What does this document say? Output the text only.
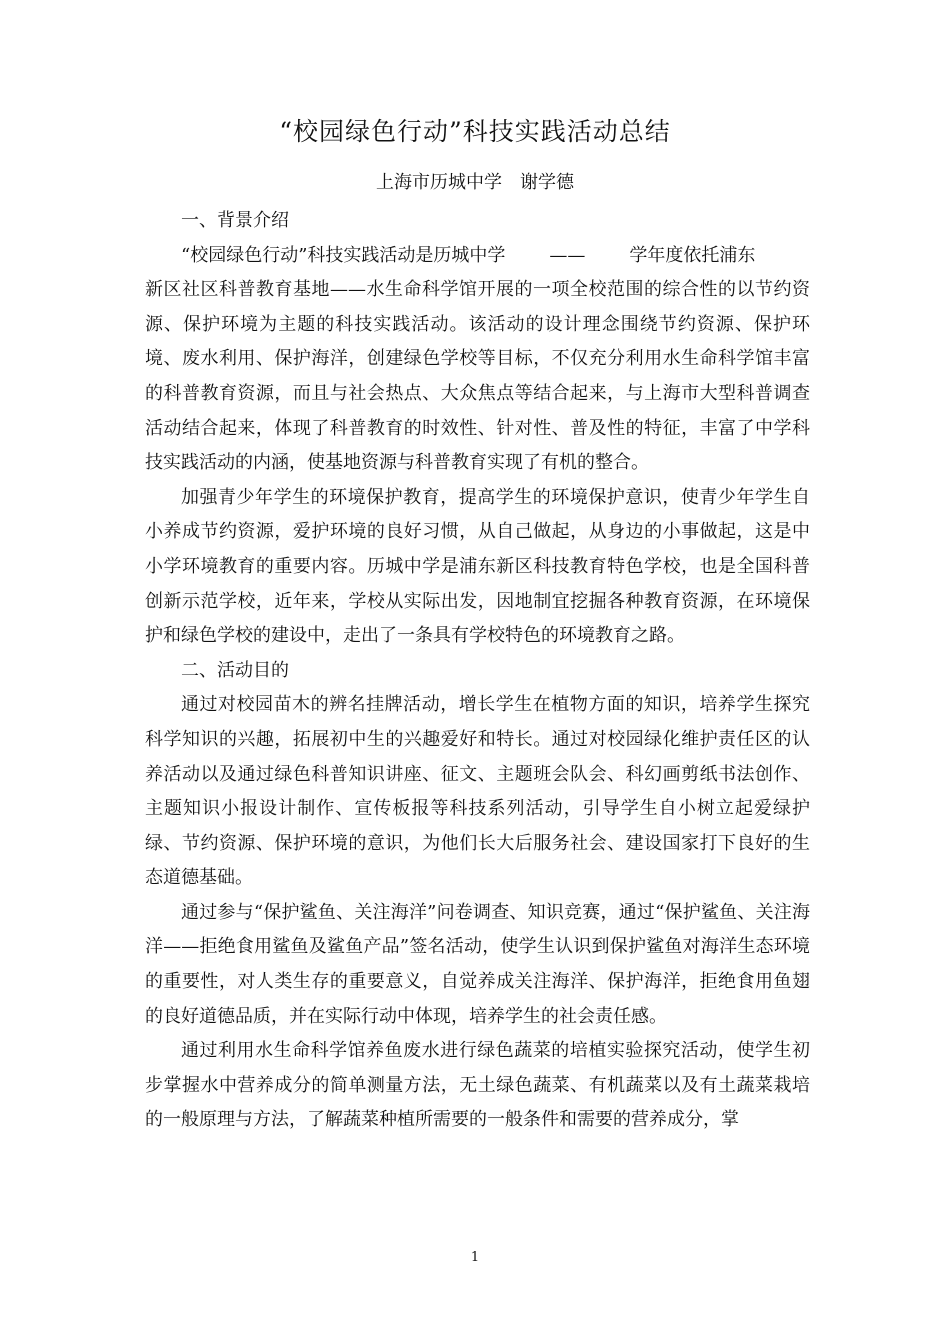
“校园绿色行动”科技实践活动总结
上海市历城中学　谢学德

一、背景介绍

“校园绿色行动”科技实践活动是历城中学 —— 学年度依托浦东

新区社区科普教育基地——水生命科学馆开展的一项全校范围的综合性的以节约资源、保护环境为主题的科技实践活动。该活动的设计理念围绕节约资源、保护环境、废水利用、保护海洋，创建绿色学校等目标，不仅充分利用水生命科学馆丰富的科普教育资源，而且与社会热点、大众焦点等结合起来，与上海市大型科普调查活动结合起来，体现了科普教育的时效性、针对性、普及性的特征，丰富了中学科技实践活动的内涵，使基地资源与科普教育实现了有机的整合。

加强青少年学生的环境保护教育，提高学生的环境保护意识，使青少年学生自小养成节约资源，爱护环境的良好习惯，从自己做起，从身边的小事做起，这是中小学环境教育的重要内容。历城中学是浦东新区科技教育特色学校，也是全国科普创新示范学校，近年来，学校从实际出发，因地制宜挖掘各种教育资源，在环境保护和绿色学校的建设中，走出了一条具有学校特色的环境教育之路。

二、活动目的

通过对校园苗木的辨名挂牌活动，增长学生在植物方面的知识，培养学生探究科学知识的兴趣，拓展初中生的兴趣爱好和特长。通过对校园绿化维护责任区的认养活动以及通过绿色科普知识讲座、征文、主题班会队会、科幻画剪纸书法创作、主题知识小报设计制作、宣传板报等科技系列活动，引导学生自小树立起爱绿护绿、节约资源、保护环境的意识，为他们长大后服务社会、建设国家打下良好的生态道德基础。

通过参与“保护鲨鱼、关注海洋”问卷调查、知识竞赛，通过“保护鲨鱼、关注海洋——拒绝食用鲨鱼及鲨鱼产品”签名活动，使学生认识到保护鲨鱼对海洋生态环境的重要性，对人类生存的重要意义，自觉养成关注海洋、保护海洋，拒绝食用鱼翅的良好道德品质，并在实际行动中体现，培养学生的社会责任感。

通过利用水生命科学馆养鱼废水进行绿色蔬菜的培植实验探究活动，使学生初步掌握水中营养成分的简单测量方法，无土绿色蔬菜、有机蔬菜以及有土蔬菜栽培的一般原理与方法，了解蔬菜种植所需要的一般条件和需要的营养成分，掌

1
